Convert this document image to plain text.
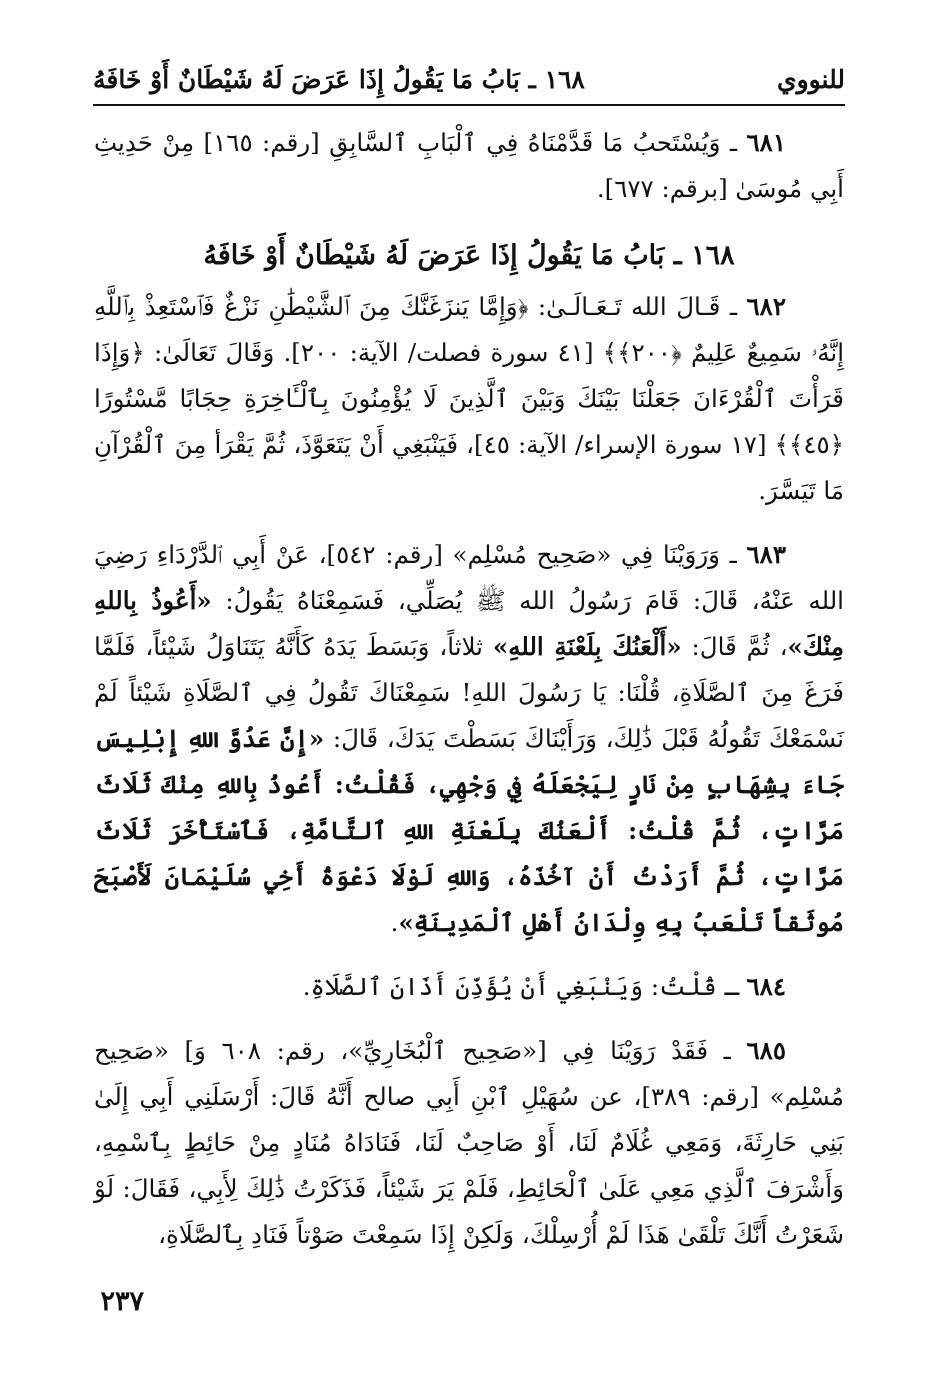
للنووي
١٦٨ ـ بَابُ مَا يَقُولُ إِذَا عَرَضَ لَهُ شَيْطَانٌ أَوْ خَافَهُ

٦٨١ ـ وَيُسْتَحبُ مَا قَدَّمْنَاهُ فِي ٱلْبَابِ ٱلسَّابِقِ [رقم: ١٦٥] مِنْ حَدِيثِ أَبِي مُوسَىٰ [برقم: ٦٧٧].

١٦٨ ـ بَابُ مَا يَقُولُ إِذَا عَرَضَ لَهُ شَيْطَانٌ أَوْ خَافَهُ

٦٨٢ ـ قَـالَ الله تَـعَـالَـىٰ: ﴿وَإِمَّا يَنزَغَنَّكَ مِنَ ٱلشَّيْطَٰنِ نَزْغٌ فَٱسْتَعِذْ بِٱللَّهِ إِنَّهُۥ سَمِيعٌ عَلِيمٌ ﴿٢٠٠﴾﴾ [٤١ سورة فصلت/ الآية: ٢٠٠]. وَقَالَ تَعَالَىٰ: ﴿وَإِذَا قَرَأْتَ ٱلْقُرْءَانَ جَعَلْنَا بَيْنَكَ وَبَيْنَ ٱلَّذِينَ لَا يُؤْمِنُونَ بِٱلْـَٔاخِرَةِ حِجَابًا مَّسْتُورًا ﴿٤٥﴾﴾ [١٧ سورة الإسراء/ الآية: ٤٥]، فَيَنْبَغِي أَنْ يَتَعَوَّذَ، ثُمَّ يَقْرَأ مِنَ ٱلْقُرْآنِ مَا تَيَسَّرَ.

٦٨٣ ـ وَرَوَيْنَا فِي «صَحِيح مُسْلِم» [رقم: ٥٤٢]، عَنْ أَبِي ٱلدَّرْدَاءِ رَضِيَ الله عَنْهُ، قَالَ: قَامَ رَسُولُ الله ﷺ يُصَلِّي، فَسَمِعْنَاهُ يَقُولُ: «أَعُوذُ بِاللهِ مِنْكَ»، ثُمَّ قَالَ: «أَلْعَنُكَ بِلَعْنَةِ اللهِ» ثلاثاً، وَبَسَطَ يَدَهُ كَأَنَّهُ يَتَنَاوَلُ شَيْئاً، فَلَمَّا فَرَغَ مِنَ ٱلصَّلَاةِ، قُلْنَا: يَا رَسُولَ اللهِ! سَمِعْنَاكَ تَقُولُ فِي ٱلصَّلَاةِ شَيْئاً لَمْ نَسْمَعْكَ تَقُولُهُ قَبْلَ ذَٰلِكَ، وَرَأَيْنَاكَ بَسَطْتَ يَدَكَ، قَالَ: «إِنَّ عَدُوَّ اللهِ إِبْلِيسَ جَاءَ بِشِهَابٍ مِنْ نَارٍ لِيَجْعَلَهُ فِي وَجْهِي، فَقُلْتُ: أَعُوذُ بِاللهِ مِنْكَ ثَلَاثَ مَرَّاتٍ، ثُمَّ قُلْتُ: أَلْعَنُكَ بِلَعْنَةِ اللهِ ٱلتَّامَّةِ، فَٱسْتَأْخَرَ ثَلَاثَ مَرَّاتٍ، ثُمَّ أَرَدْتُ أَنْ آخُذَهُ، وَاللهِ لَوْلَا دَعْوَةُ أَخِي سُلَيْمَانَ لَأَصْبَحَ مُوثَقاً تَلْعَبُ بِهِ وِلْدَانُ أَهْلِ ٱلْمَدِينَةِ».

٦٨٤ ـ قُلْتُ: وَيَنْبَغِي أَنْ يُؤَذِّنَ أَذَانَ ٱلصَّلَاةِ.

٦٨٥ ـ فَقَدْ رَوَيْنَا فِي [«صَحِيح ٱلْبُخَارِيِّ»، رقم: ٦٠٨ وَ] «صَحِيح مُسْلِم» [رقم: ٣٨٩]، عن سُهَيْلِ ٱبْنِ أَبِي صالح أَنَّهُ قَالَ: أَرْسَلَنِي أَبِي إِلَىٰ بَنِي حَارِثَةَ، وَمَعِي غُلَامٌ لَنَا، أَوْ صَاحِبٌ لَنَا، فَنَادَاهُ مُنَادٍ مِنْ حَائِطٍ بِٱسْمِهِ، وَأَشْرَفَ ٱلَّذِي مَعِي عَلَىٰ ٱلْحَائِطِ، فَلَمْ يَرَ شَيْئاً، فَذَكَرْتُ ذَٰلِكَ لِأَبِي، فَقَالَ: لَوْ شَعَرْتُ أَنَّكَ تَلْقَىٰ هَذَا لَمْ أُرْسِلْكَ، وَلَكِنْ إِذَا سَمِعْتَ صَوْتاً فَنَادِ بِٱلصَّلَاةِ،

٢٣٧
